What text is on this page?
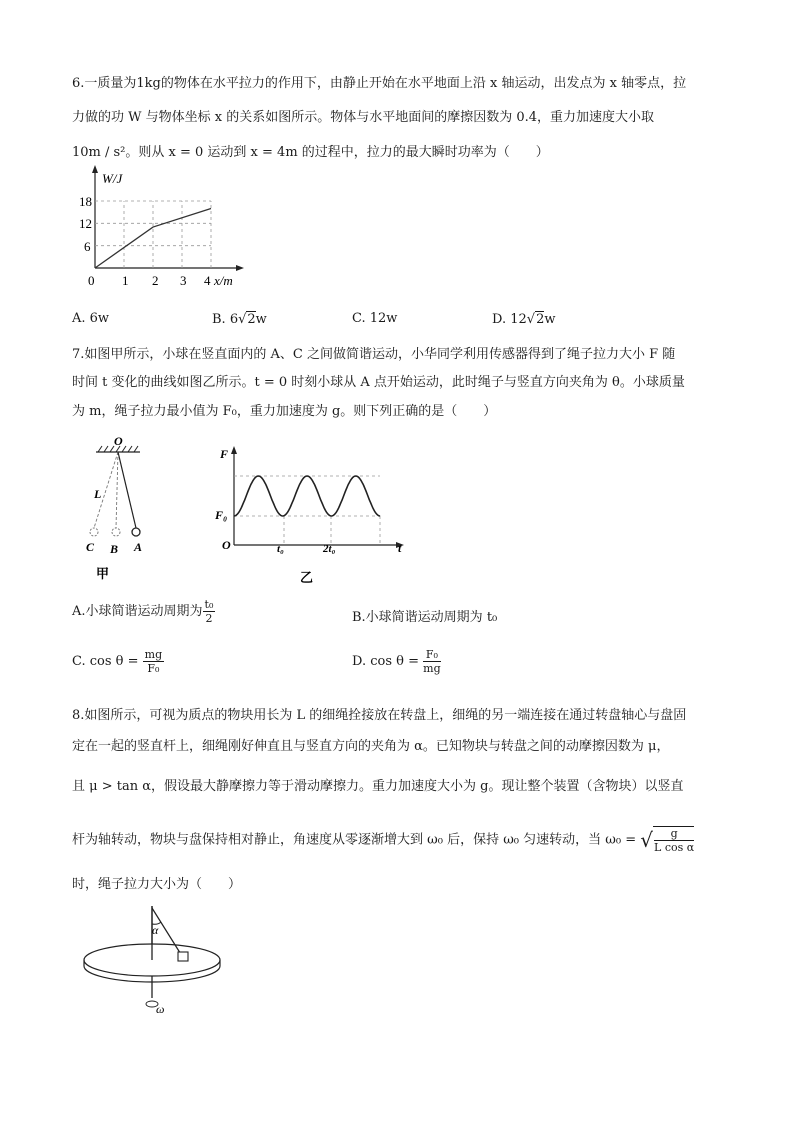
6.一质量为1kg的物体在水平拉力的作用下，由静止开始在水平地面上沿 x 轴运动，出发点为 x 轴零点，拉
力做的功 W 与物体坐标 x 的关系如图所示。物体与水平地面间的摩擦因数为 0.4，重力加速度大小取
10m / s²。则从 x = 0 运动到 x = 4m 的过程中，拉力的最大瞬时功率为（　　）
W/J
x/m
18
12
6
0 1 2 3 4
A. 6w	B. 6√2w	C. 12w	D. 12√2w
7.如图甲所示，小球在竖直面内的 A、C 之间做简谐运动，小华同学利用传感器得到了绳子拉力大小 F 随
时间 t 变化的曲线如图乙所示。t = 0 时刻小球从 A 点开始运动，此时绳子与竖直方向夹角为 θ。小球质量
为 m，绳子拉力最小值为 F₀，重力加速度为 g。则下列正确的是（　　）
O
L
C B A
甲
F
F₀
O	t₀	2t₀	t
乙
A.小球简谐运动周期为 $\frac{\text{t₀}}{2}$	B.小球简谐运动周期为 t₀
C. $\cos \theta = \frac{mg}{\text{F₀}}$	D. $\cos \theta = \frac{\text{F₀}}{mg}$
8.如图所示，可视为质点的物块用长为 L 的细绳拴接放在转盘上，细绳的另一端连接在通过转盘轴心与盘固
定在一起的竖直杆上，细绳刚好伸直且与竖直方向的夹角为 α。已知物块与转盘之间的动摩擦因数为 μ，
且 μ > tan α，假设最大静摩擦力等于滑动摩擦力。重力加速度大小为 g。现让整个装置（含物块）以竖直
杆为轴转动，物块与盘保持相对静止，角速度从零逐渐增大到 ω₀ 后，保持 ω₀ 匀速转动，当 ω₀ = √ $\frac{g}{\text{L cos α}}$
时，绳子拉力大小为（　　）
α
ω
